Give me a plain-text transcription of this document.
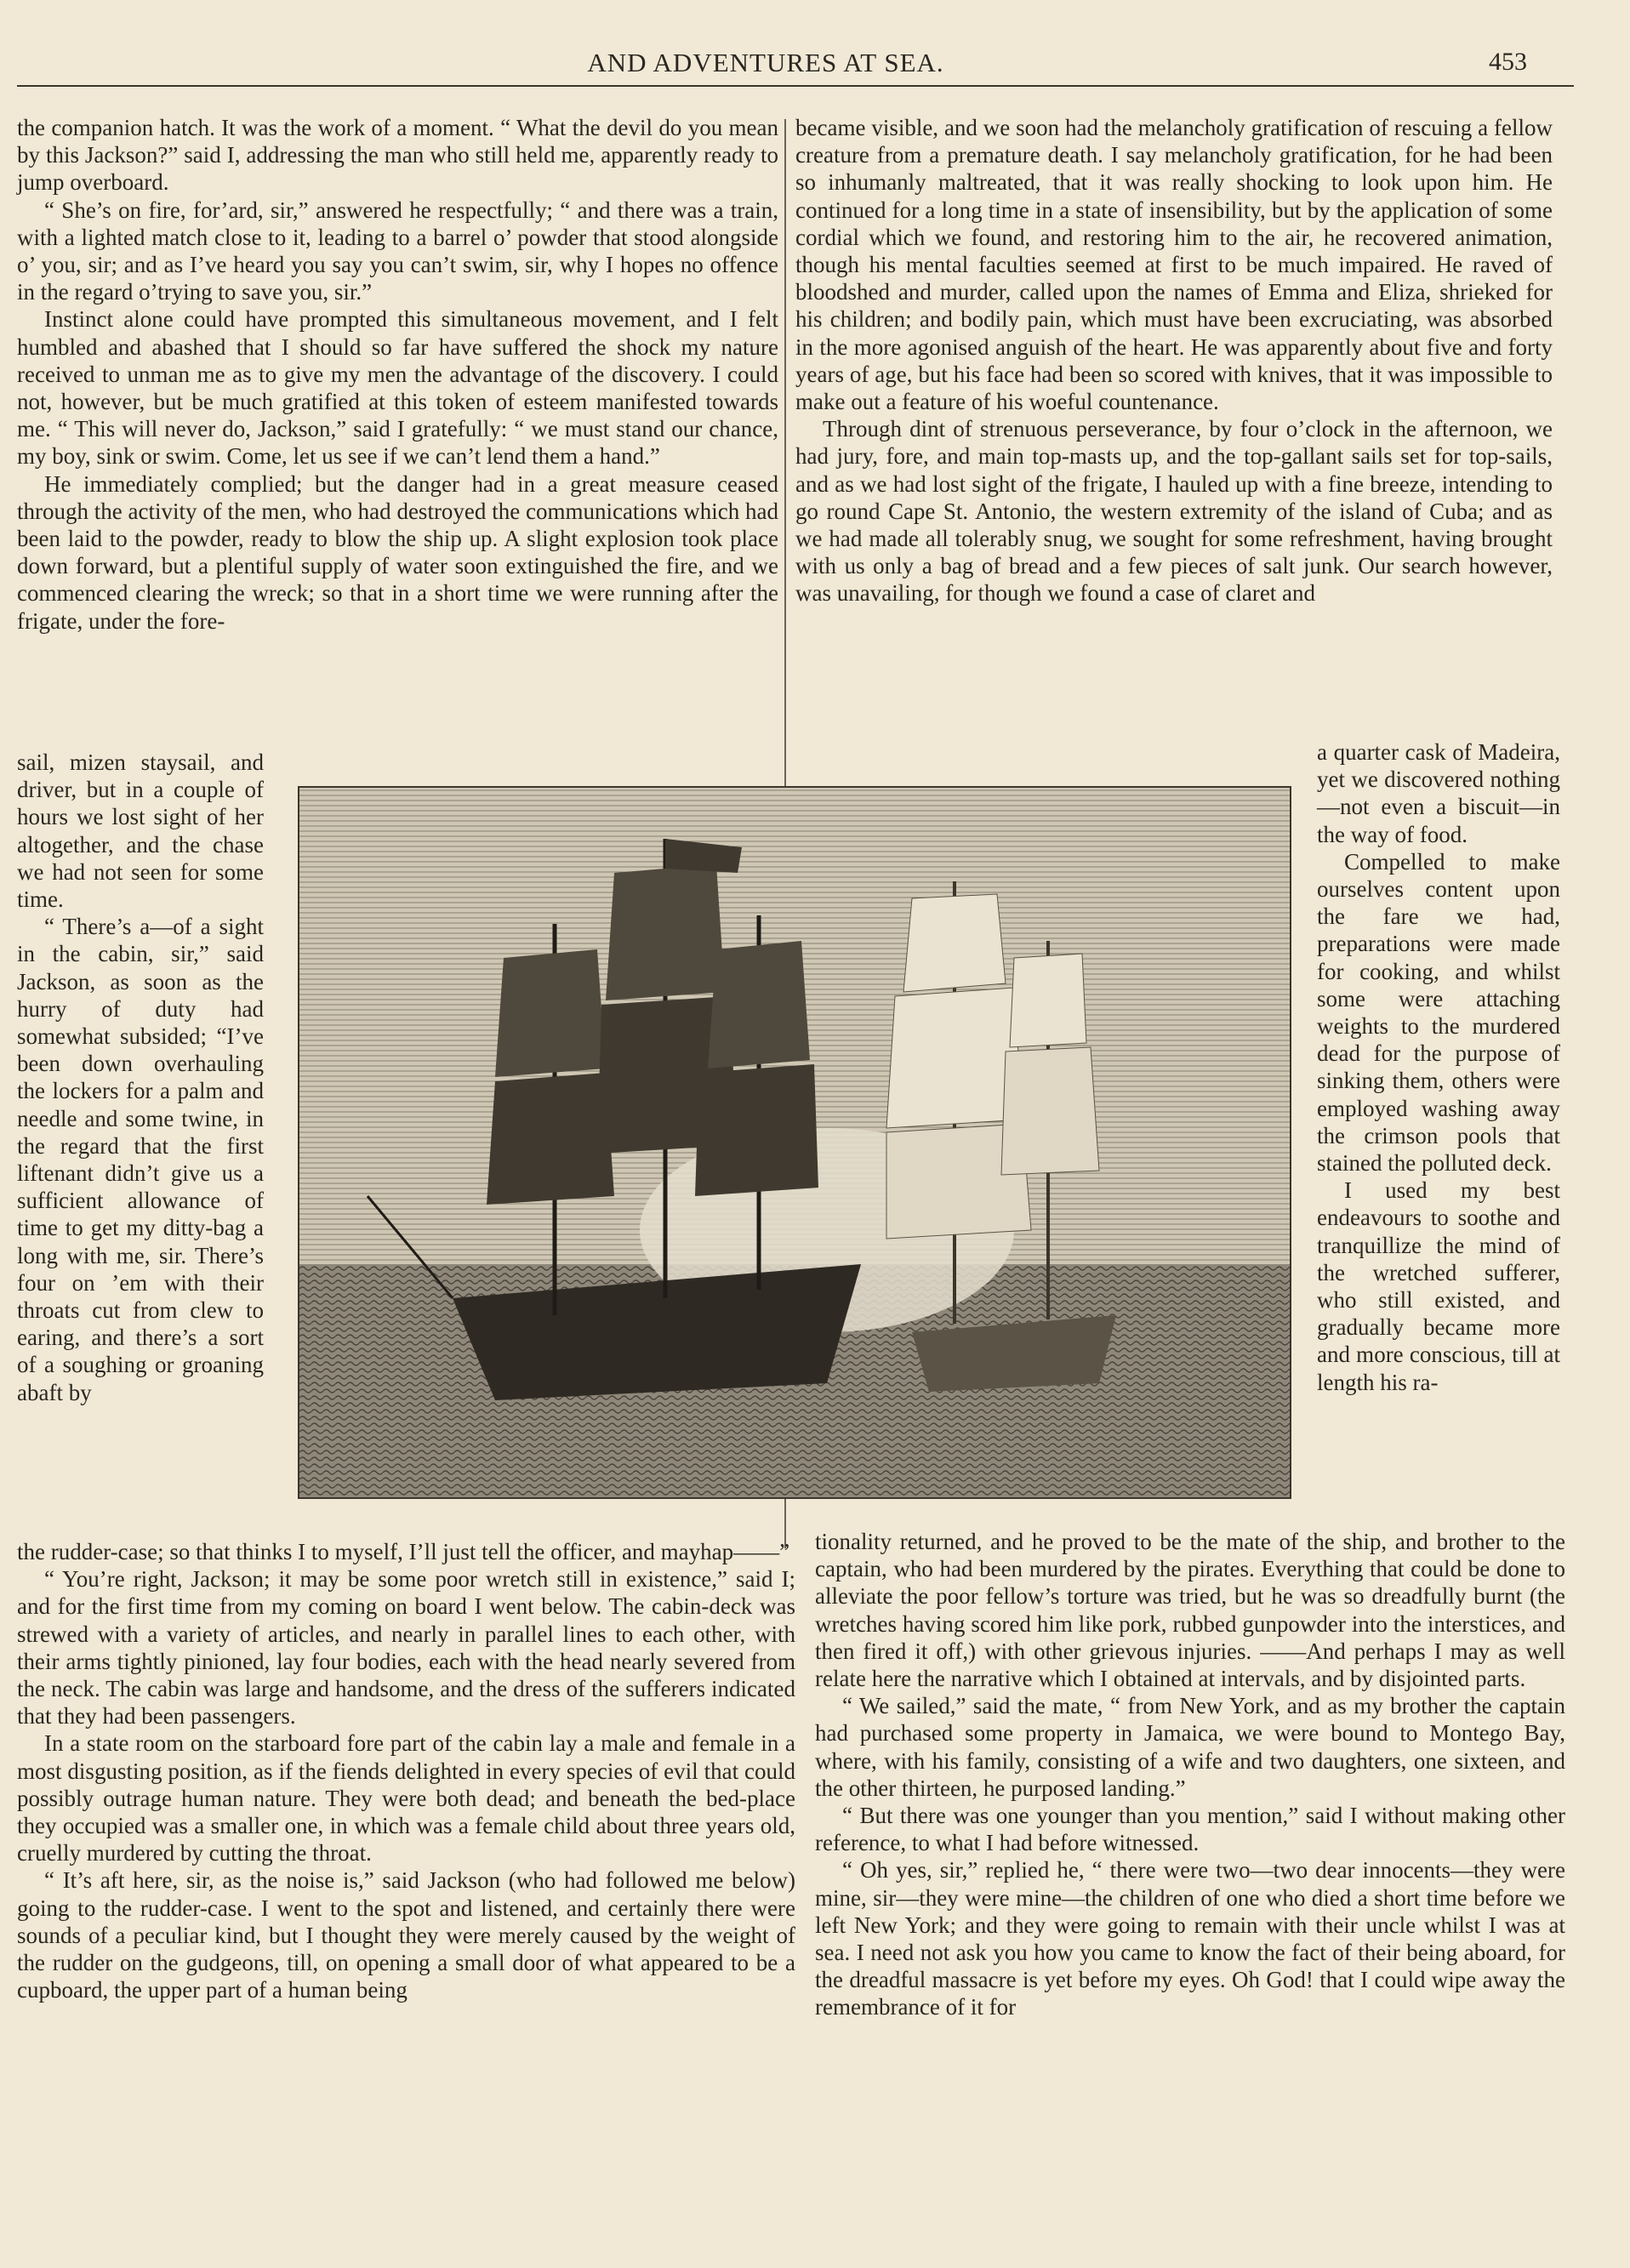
AND ADVENTURES AT SEA.	453

the companion hatch. It was the work of a moment. “ What the devil do you mean by this Jackson?” said I, addressing the man who still held me, apparently ready to jump overboard.

“ She’s on fire, for’ard, sir,” answered he respectfully; “ and there was a train, with a lighted match close to it, leading to a barrel o’ powder that stood alongside o’ you, sir; and as I’ve heard you say you can’t swim, sir, why I hopes no offence in the regard o’trying to save you, sir.”

Instinct alone could have prompted this simultaneous movement, and I felt humbled and abashed that I should so far have suffered the shock my nature received to unman me as to give my men the advantage of the discovery. I could not, however, but be much gratified at this token of esteem manifested towards me. “ This will never do, Jackson,” said I gratefully: “ we must stand our chance, my boy, sink or swim. Come, let us see if we can’t lend them a hand.”

He immediately complied; but the danger had in a great measure ceased through the activity of the men, who had destroyed the communications which had been laid to the powder, ready to blow the ship up. A slight explosion took place down forward, but a plentiful supply of water soon extinguished the fire, and we commenced clearing the wreck; so that in a short time we were running after the frigate, under the fore-

became visible, and we soon had the melancholy gratification of rescuing a fellow creature from a premature death. I say melancholy gratification, for he had been so inhumanly maltreated, that it was really shocking to look upon him. He continued for a long time in a state of insensibility, but by the application of some cordial which we found, and restoring him to the air, he recovered animation, though his mental faculties seemed at first to be much impaired. He raved of bloodshed and murder, called upon the names of Emma and Eliza, shrieked for his children; and bodily pain, which must have been excruciating, was absorbed in the more agonised anguish of the heart. He was apparently about five and forty years of age, but his face had been so scored with knives, that it was impossible to make out a feature of his woeful countenance.

Through dint of strenuous perseverance, by four o’clock in the afternoon, we had jury, fore, and main top-masts up, and the top-gallant sails set for top-sails, and as we had lost sight of the frigate, I hauled up with a fine breeze, intending to go round Cape St. Antonio, the western extremity of the island of Cuba; and as we had made all tolerably snug, we sought for some refreshment, having brought with us only a bag of bread and a few pieces of salt junk. Our search however, was unavailing, for though we found a case of claret and

sail, mizen staysail, and driver, but in a couple of hours we lost sight of her altogether, and the chase we had not seen for some time.

“ There’s a—of a sight in the cabin, sir,” said Jackson, as soon as the hurry of duty had somewhat subsided; “I’ve been down overhauling the lockers for a palm and needle and some twine, in the regard that the first liftenant didn’t give us a sufficient allowance of time to get my ditty-bag a long with me, sir. There’s four on ’em with their throats cut from clew to earing, and there’s a sort of a soughing or groaning abaft by

a quarter cask of Madeira, yet we discovered nothing—not even a biscuit—in the way of food.

Compelled to make ourselves content upon the fare we had, preparations were made for cooking, and whilst some were attaching weights to the murdered dead for the purpose of sinking them, others were employed washing away the crimson pools that stained the polluted deck.

I used my best endeavours to soothe and tranquillize the mind of the wretched sufferer, who still existed, and gradually became more and more conscious, till at length his ra-

the rudder-case; so that thinks I to myself, I’ll just tell the officer, and mayhap——”

“ You’re right, Jackson; it may be some poor wretch still in existence,” said I; and for the first time from my coming on board I went below. The cabin-deck was strewed with a variety of articles, and nearly in parallel lines to each other, with their arms tightly pinioned, lay four bodies, each with the head nearly severed from the neck. The cabin was large and handsome, and the dress of the sufferers indicated that they had been passengers.

In a state room on the starboard fore part of the cabin lay a male and female in a most disgusting position, as if the fiends delighted in every species of evil that could possibly outrage human nature. They were both dead; and beneath the bed-place they occupied was a smaller one, in which was a female child about three years old, cruelly murdered by cutting the throat.

“ It’s aft here, sir, as the noise is,” said Jackson (who had followed me below) going to the rudder-case. I went to the spot and listened, and certainly there were sounds of a peculiar kind, but I thought they were merely caused by the weight of the rudder on the gudgeons, till, on opening a small door of what appeared to be a cupboard, the upper part of a human being

tionality returned, and he proved to be the mate of the ship, and brother to the captain, who had been murdered by the pirates. Everything that could be done to alleviate the poor fellow’s torture was tried, but he was so dreadfully burnt (the wretches having scored him like pork, rubbed gunpowder into the interstices, and then fired it off,) with other grievous injuries. ——And perhaps I may as well relate here the narrative which I obtained at intervals, and by disjointed parts.

“ We sailed,” said the mate, “ from New York, and as my brother the captain had purchased some property in Jamaica, we were bound to Montego Bay, where, with his family, consisting of a wife and two daughters, one sixteen, and the other thirteen, he purposed landing.”

“ But there was one younger than you mention,” said I without making other reference, to what I had before witnessed.

“ Oh yes, sir,” replied he, “ there were two—two dear innocents—they were mine, sir—they were mine—the children of one who died a short time before we left New York; and they were going to remain with their uncle whilst I was at sea. I need not ask you how you came to know the fact of their being aboard, for the dreadful massacre is yet before my eyes. Oh God! that I could wipe away the remembrance of it for
